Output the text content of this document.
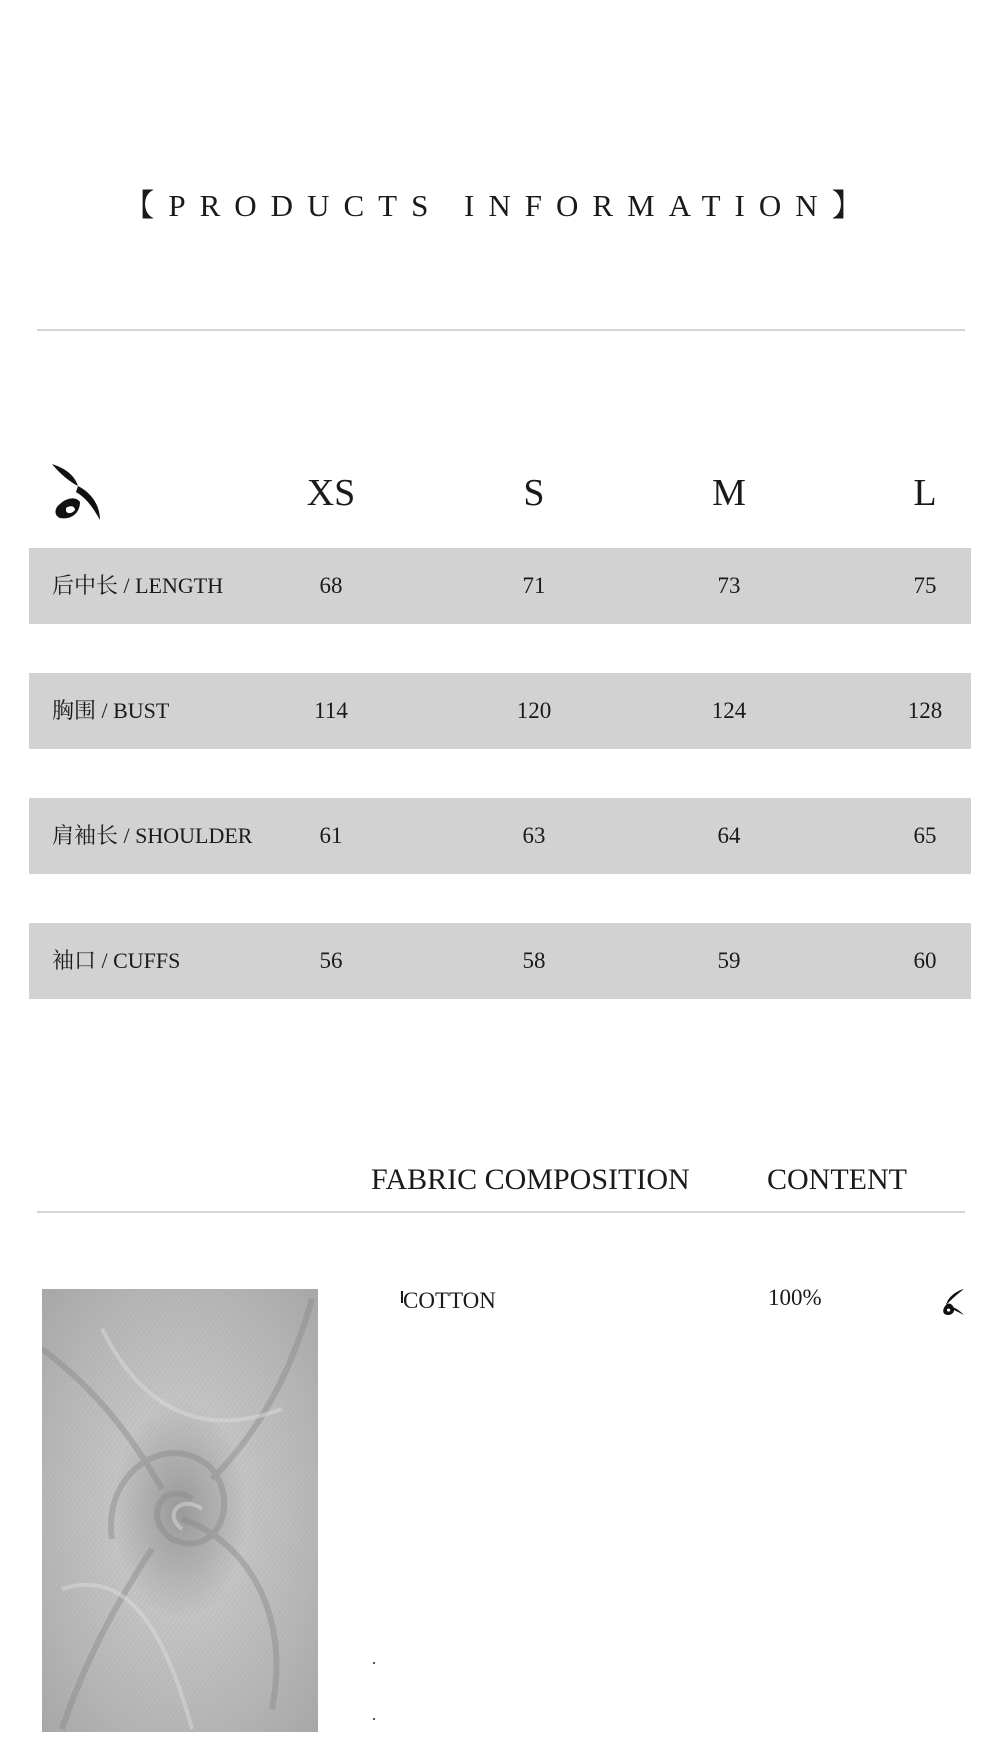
【PRODUCTS INFORMATION】
XS	S	M	L
后中长 / LENGTH	68	71	73	75
胸围 / BUST	114	120	124	128
肩袖长 / SHOULDER	61	63	64	65
袖口 / CUFFS	56	58	59	60
FABRIC COMPOSITION	CONTENT
COTTON	100%
